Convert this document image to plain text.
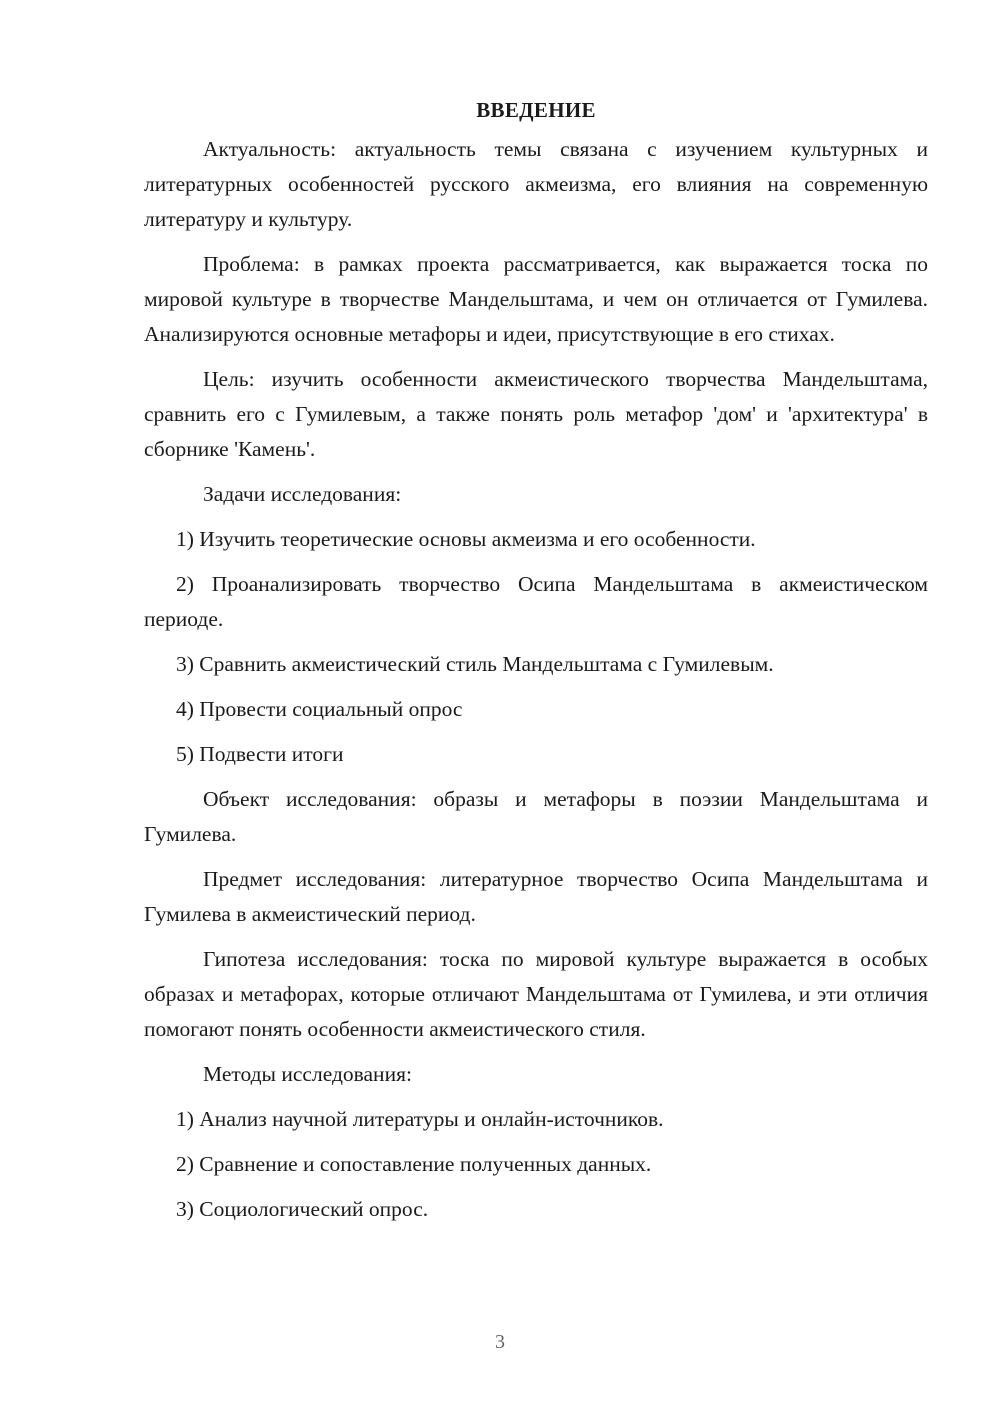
ВВЕДЕНИЕ

Актуальность: актуальность темы связана с изучением культурных и литературных особенностей русского акмеизма, его влияния на современную литературу и культуру.

Проблема: в рамках проекта рассматривается, как выражается тоска по мировой культуре в творчестве Мандельштама, и чем он отличается от Гумилева. Анализируются основные метафоры и идеи, присутствующие в его стихах.

Цель: изучить особенности акмеистического творчества Мандельштама, сравнить его с Гумилевым, а также понять роль метафор 'дом' и 'архитектура' в сборнике 'Камень'.

Задачи исследования:

1) Изучить теоретические основы акмеизма и его особенности.

2) Проанализировать творчество Осипа Мандельштама в акмеистическом периоде.

3) Сравнить акмеистический стиль Мандельштама с Гумилевым.

4) Провести социальный опрос

5) Подвести итоги

Объект исследования: образы и метафоры в поэзии Мандельштама и Гумилева.

Предмет исследования: литературное творчество Осипа Мандельштама и Гумилева в акмеистический период.

Гипотеза исследования: тоска по мировой культуре выражается в особых образах и метафорах, которые отличают Мандельштама от Гумилева, и эти отличия помогают понять особенности акмеистического стиля.

Методы исследования:

1) Анализ научной литературы и онлайн-источников.

2) Сравнение и сопоставление полученных данных.

3) Социологический опрос.

3
